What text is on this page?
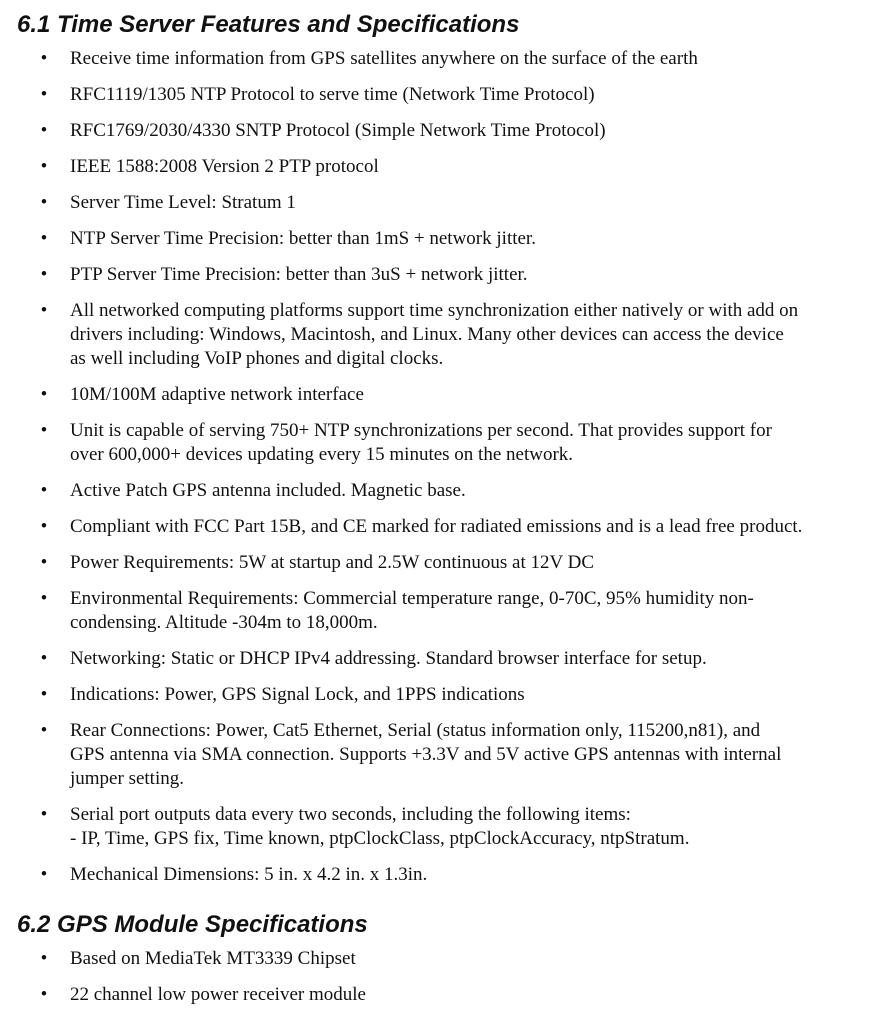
6.1 Time Server Features and Specifications
• Receive time information from GPS satellites anywhere on the surface of the earth
• RFC1119/1305 NTP Protocol to serve time (Network Time Protocol)
• RFC1769/2030/4330 SNTP Protocol (Simple Network Time Protocol)
• IEEE 1588:2008 Version 2 PTP protocol
• Server Time Level: Stratum 1
• NTP Server Time Precision: better than 1mS + network jitter.
• PTP Server Time Precision: better than 3uS + network jitter.
• All networked computing platforms support time synchronization either natively or with add on
drivers including: Windows, Macintosh, and Linux. Many other devices can access the device
as well including VoIP phones and digital clocks.
• 10M/100M adaptive network interface
• Unit is capable of serving 750+ NTP synchronizations per second. That provides support for
over 600,000+ devices updating every 15 minutes on the network.
• Active Patch GPS antenna included. Magnetic base.
• Compliant with FCC Part 15B, and CE marked for radiated emissions and is a lead free product.
• Power Requirements: 5W at startup and 2.5W continuous at 12V DC
• Environmental Requirements: Commercial temperature range, 0-70C, 95% humidity non-
condensing. Altitude -304m to 18,000m.
• Networking: Static or DHCP IPv4 addressing. Standard browser interface for setup.
• Indications: Power, GPS Signal Lock, and 1PPS indications
• Rear Connections: Power, Cat5 Ethernet, Serial (status information only, 115200,n81), and
GPS antenna via SMA connection. Supports +3.3V and 5V active GPS antennas with internal
jumper setting.
• Serial port outputs data every two seconds, including the following items:
- IP, Time, GPS fix, Time known, ptpClockClass, ptpClockAccuracy, ntpStratum.
• Mechanical Dimensions: 5 in. x 4.2 in. x 1.3in.
6.2 GPS Module Specifications
• Based on MediaTek MT3339 Chipset
• 22 channel low power receiver module
